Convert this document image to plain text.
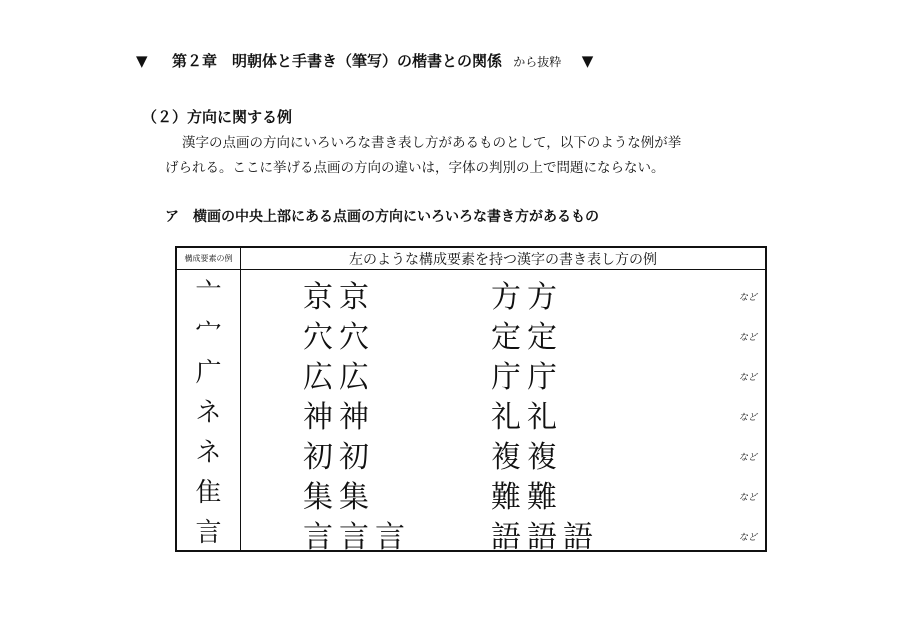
▼ 第２章　明朝体と手書き（筆写）の楷書との関係 から抜粋 ▼
（２）方向に関する例
漢字の点画の方向にいろいろな書き表し方があるものとして，以下のような例が挙
げられる。ここに挙げる点画の方向の違いは，字体の判別の上で問題にならない。
ア　横画の中央上部にある点画の方向にいろいろな書き方があるもの
構成要素の例	左のような構成要素を持つ漢字の書き表し方の例
亠	京京 方方 など

宀	穴穴 定定 など

广	広広 庁庁 など

ネ	神神 礼礼 など

ネ	初初 複複 など

隹	集集 難難 など

言	言言言 語語語 など
